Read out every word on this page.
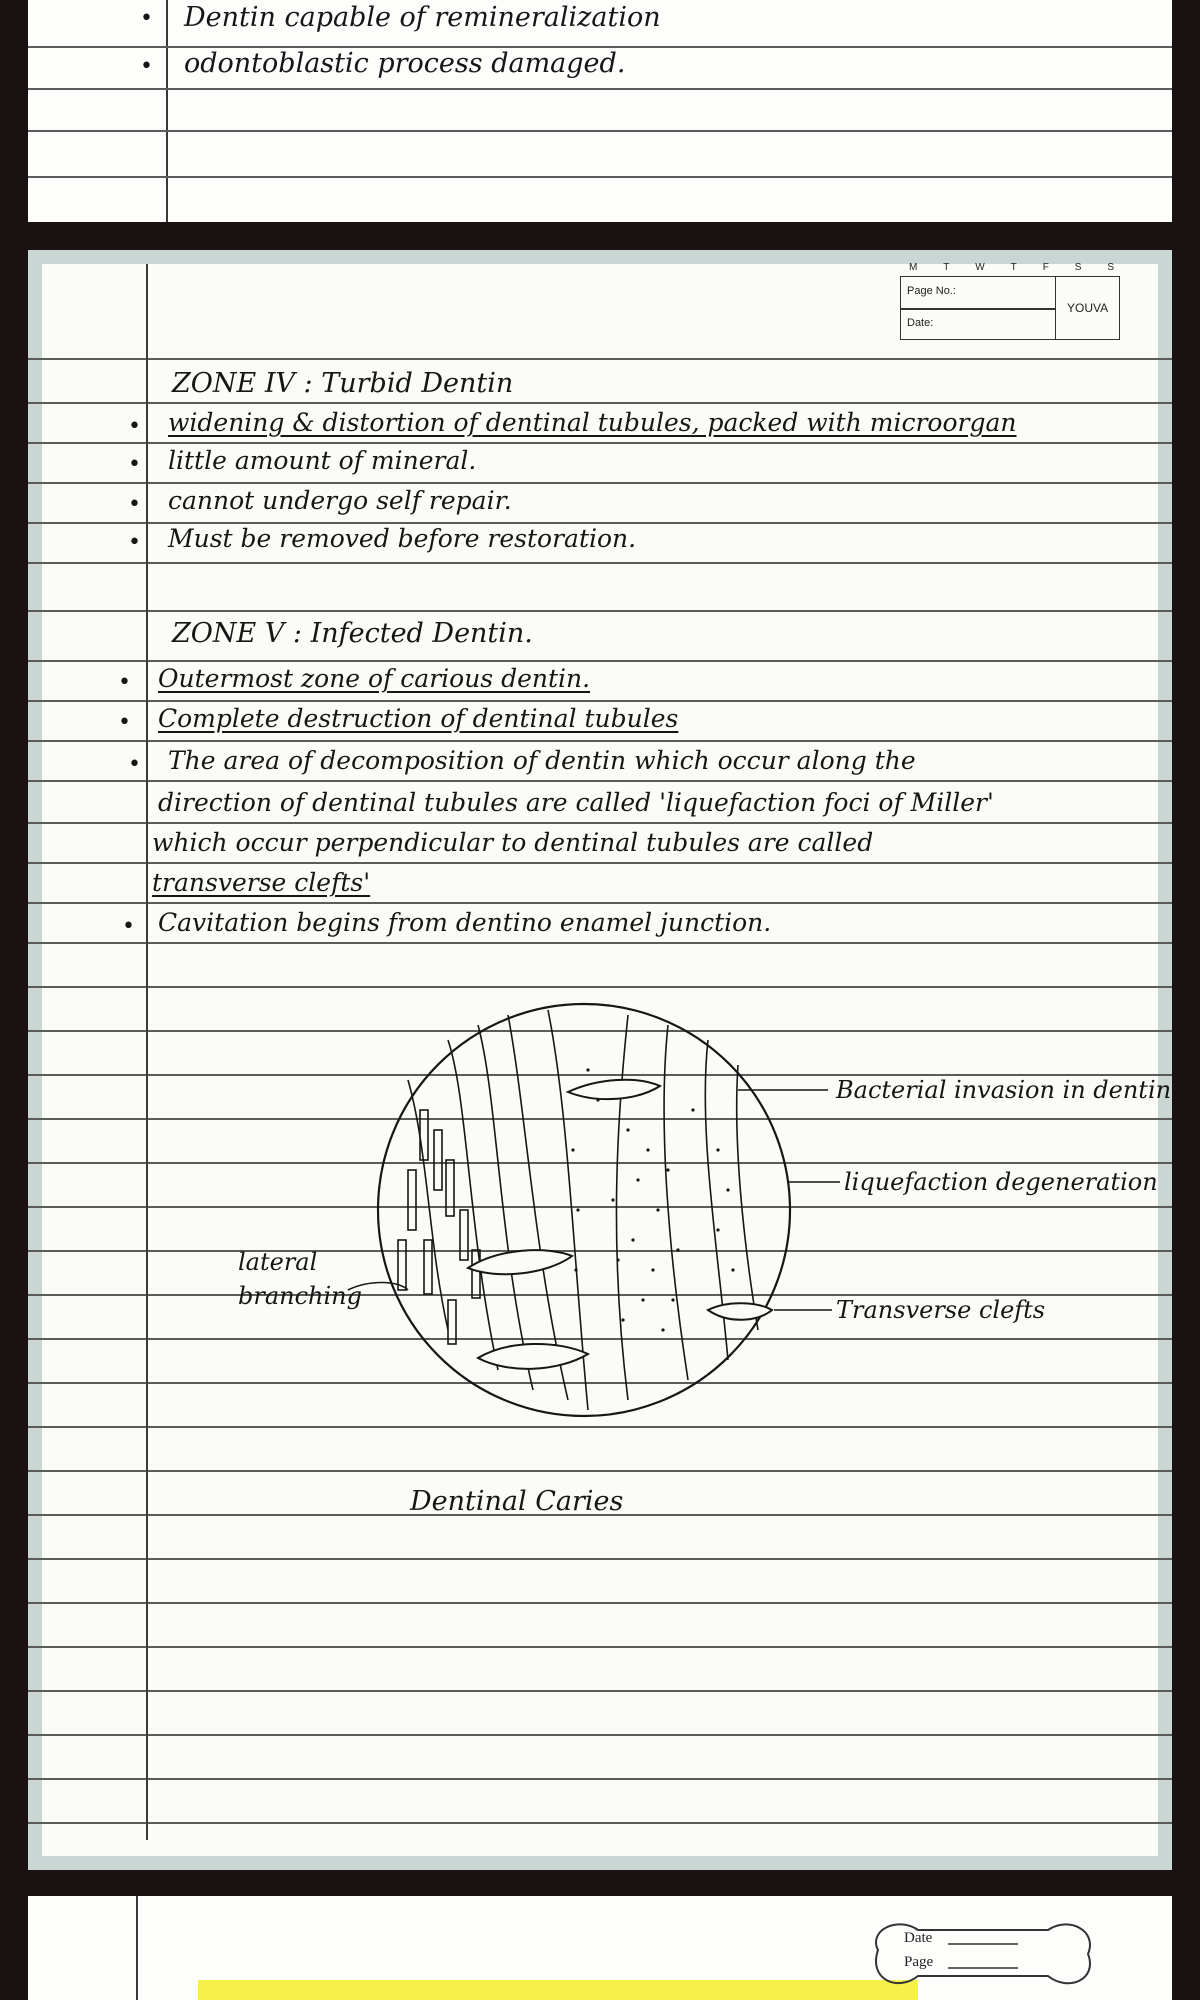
• Dentin capable of remineralization
• odontoblastic process damaged.
M T W T F S S
Page No.:
Date:
YOUVA
ZONE IV : Turbid Dentin
• widening & distortion of dentinal tubules, packed with microorgan
• little amount of mineral.
• cannot undergo self repair.
• Must be removed before restoration.
ZONE V : Infected Dentin.
• Outermost zone of carious dentin.
• Complete destruction of dentinal tubules
• The area of decomposition of dentin which occur along the
direction of dentinal tubules are called 'liquefaction foci of Miller'
which occur perpendicular to dentinal tubules are called
transverse clefts'
• Cavitation begins from dentino enamel junction.
Bacterial invasion in dentin
liquefaction degeneration
Transverse clefts
lateral
branching
Dentinal Caries
Date
Page
